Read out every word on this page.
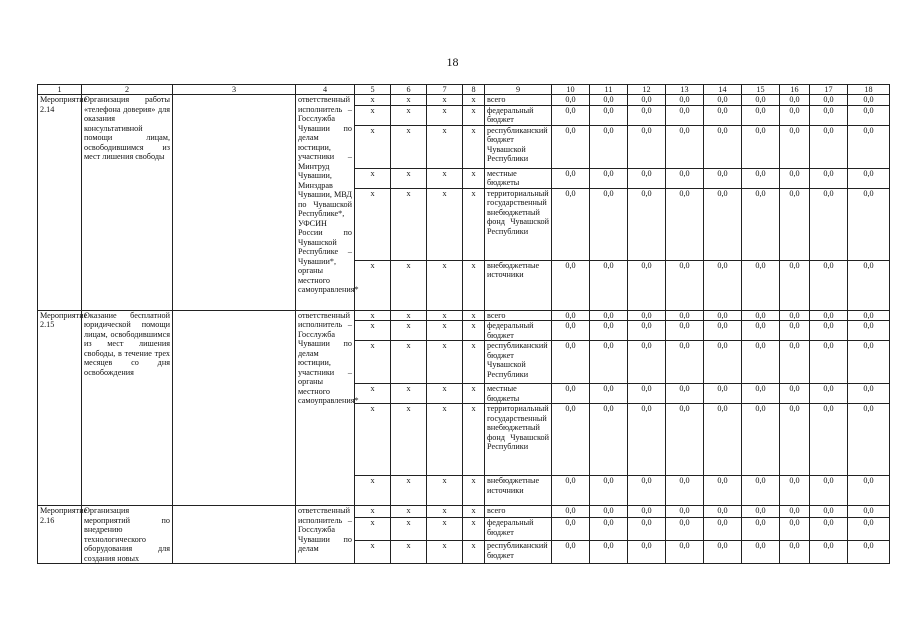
18
1	2	3	4	5	6	7	8	9	10	11	12	13	14	15	16	17	18
Мероприятие 2.14	Организация работы «телефона доверия» для оказания консультативной помощи лицам, освободившимся из мест лишения свободы		ответственный исполнитель – Госслужба Чувашии по делам юстиции, участники – Минтруд Чувашии, Минздрав Чувашии, МВД по Чувашской Республике*, УФСИН России по Чувашской Республике – Чувашии*, органы местного самоуправления*	х	х	х	х	всего	0,0	0,0	0,0	0,0	0,0	0,0	0,0	0,0	0,0
				х	х	х	х	федеральный бюджет	0,0	0,0	0,0	0,0	0,0	0,0	0,0	0,0	0,0
				х	х	х	х	республиканский бюджет Чувашской Республики	0,0	0,0	0,0	0,0	0,0	0,0	0,0	0,0	0,0
				х	х	х	х	местные бюджеты	0,0	0,0	0,0	0,0	0,0	0,0	0,0	0,0	0,0
				х	х	х	х	территориальный государственный внебюджетный фонд Чувашской Республики	0,0	0,0	0,0	0,0	0,0	0,0	0,0	0,0	0,0
				х	х	х	х	внебюджетные источники	0,0	0,0	0,0	0,0	0,0	0,0	0,0	0,0	0,0
Мероприятие 2.15	Оказание бесплатной юридической помощи лицам, освободившимся из мест лишения свободы, в течение трех месяцев со дня освобождения		ответственный исполнитель – Госслужба Чувашии по делам юстиции, участники – органы местного самоуправления*	х	х	х	х	всего	0,0	0,0	0,0	0,0	0,0	0,0	0,0	0,0	0,0
				х	х	х	х	федеральный бюджет	0,0	0,0	0,0	0,0	0,0	0,0	0,0	0,0	0,0
				х	х	х	х	республиканский бюджет Чувашской Республики	0,0	0,0	0,0	0,0	0,0	0,0	0,0	0,0	0,0
				х	х	х	х	местные бюджеты	0,0	0,0	0,0	0,0	0,0	0,0	0,0	0,0	0,0
				х	х	х	х	территориальный государственный внебюджетный фонд Чувашской Республики	0,0	0,0	0,0	0,0	0,0	0,0	0,0	0,0	0,0
				х	х	х	х	внебюджетные источники	0,0	0,0	0,0	0,0	0,0	0,0	0,0	0,0	0,0
Мероприятие 2.16	Организация мероприятий по внедрению технологического оборудования для создания новых		ответственный исполнитель – Госслужба Чувашии по делам	х	х	х	х	всего	0,0	0,0	0,0	0,0	0,0	0,0	0,0	0,0	0,0
				х	х	х	х	федеральный бюджет	0,0	0,0	0,0	0,0	0,0	0,0	0,0	0,0	0,0
				х	х	х	х	республиканский бюджет	0,0	0,0	0,0	0,0	0,0	0,0	0,0	0,0	0,0
